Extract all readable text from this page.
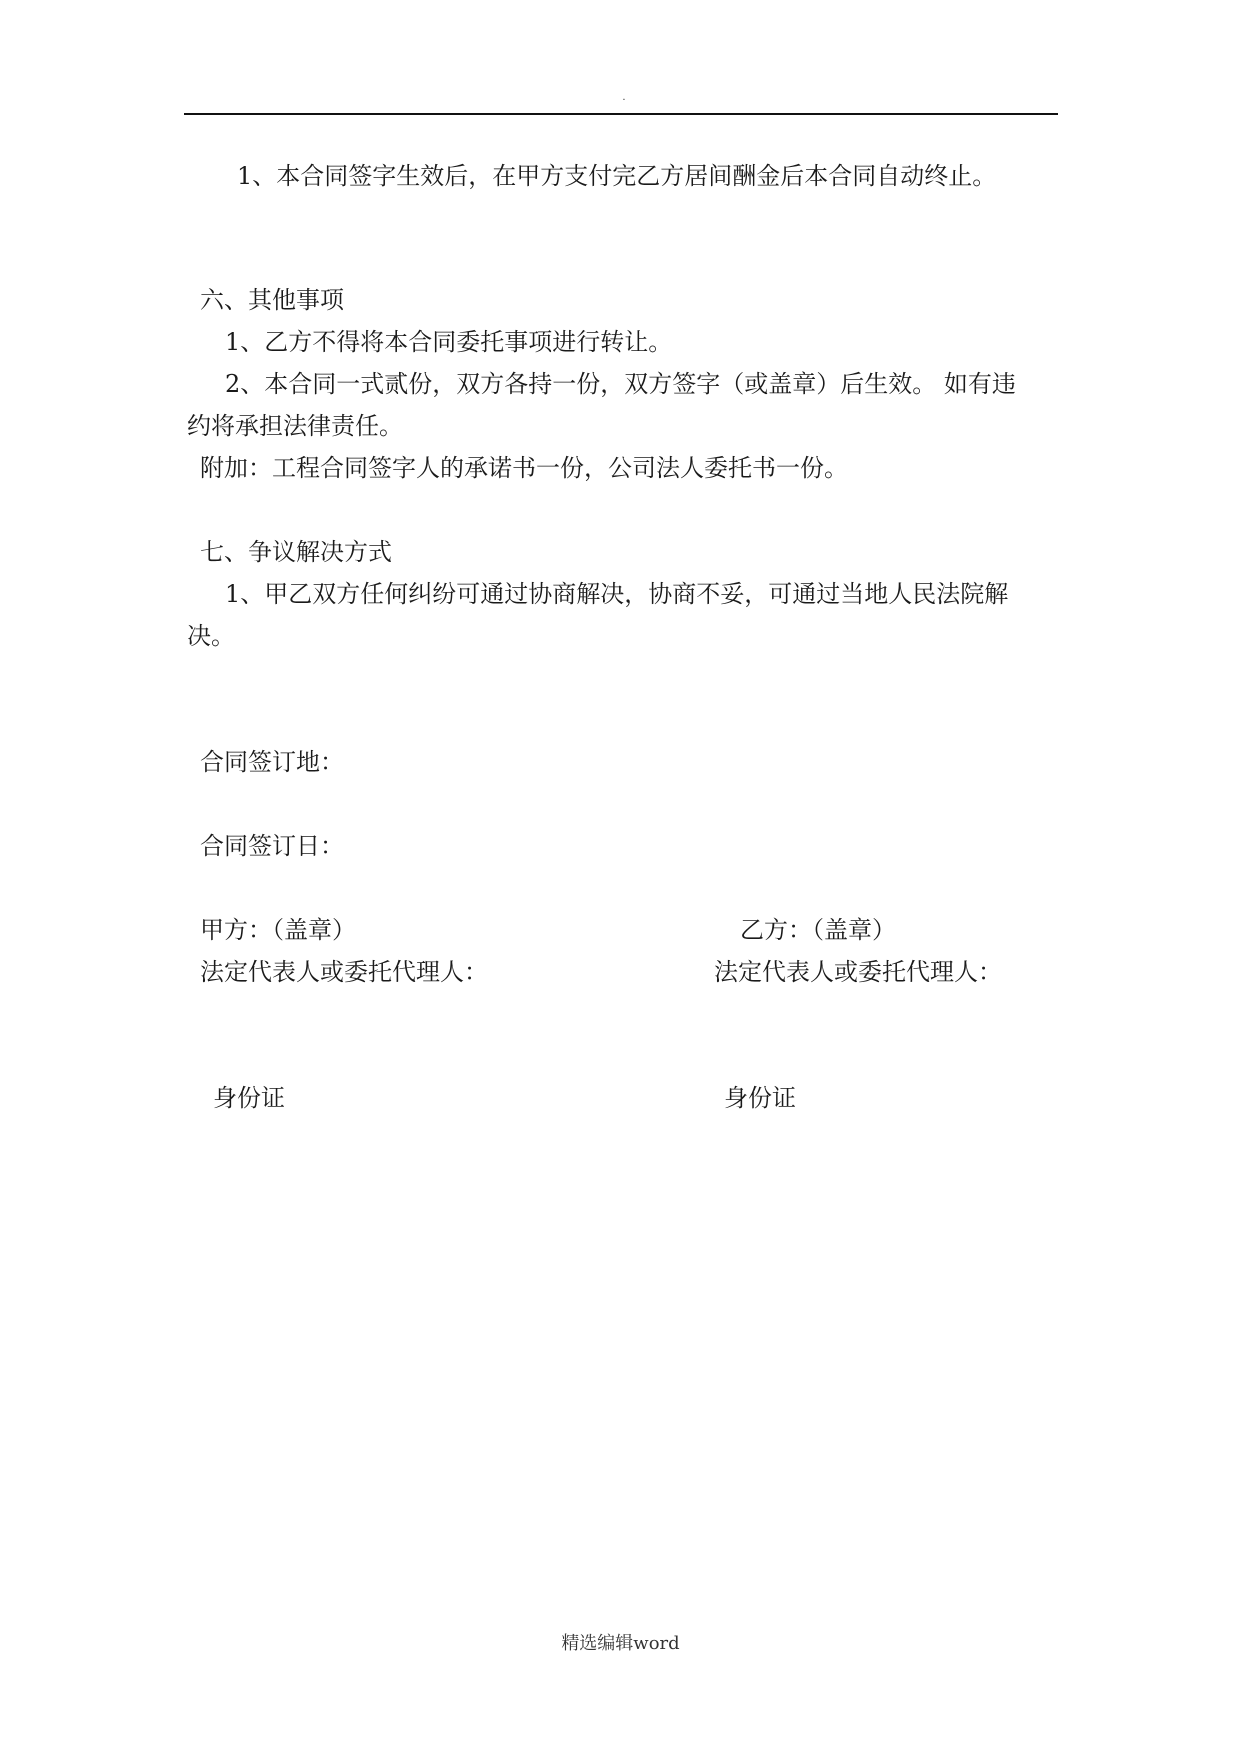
.
1、本合同签字生效后，在甲方支付完乙方居间酬金后本合同自动终止。
六、其他事项
1、乙方不得将本合同委托事项进行转让。
2、本合同一式贰份，双方各持一份，双方签字（或盖章）后生效。 如有违
约将承担法律责任。
附加：工程合同签字人的承诺书一份，公司法人委托书一份。
七、争议解决方式
1、甲乙双方任何纠纷可通过协商解决，协商不妥，可通过当地人民法院解
决。
合同签订地：
合同签订日：
甲方：（盖章）	乙方：（盖章）
法定代表人或委托代理人：	法定代表人或委托代理人：
身份证	身份证
精选编辑word
